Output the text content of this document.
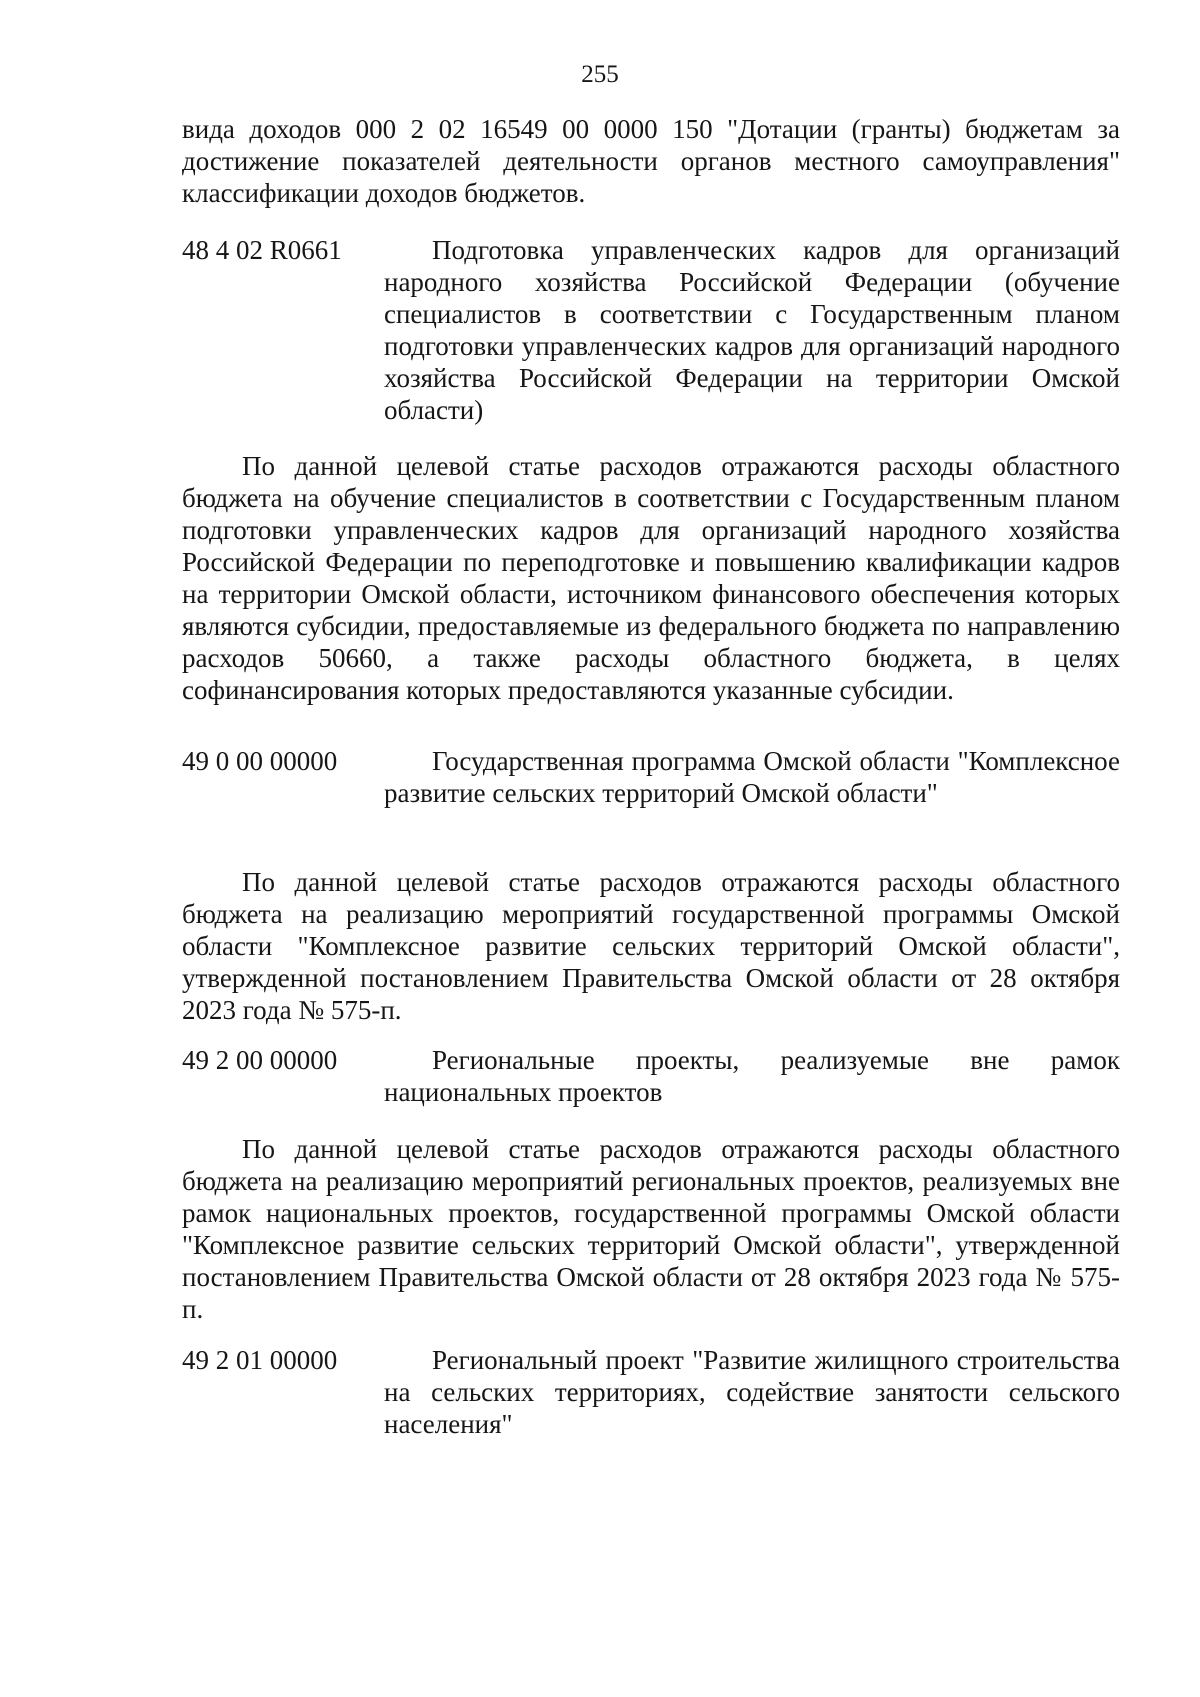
255

вида доходов 000 2 02 16549 00 0000 150 "Дотации (гранты) бюджетам за достижение показателей деятельности органов местного самоуправления" классификации доходов бюджетов.

48 4 02 R0661	Подготовка управленческих кадров для организаций народного хозяйства Российской Федерации (обучение специалистов в соответствии с Государственным планом подготовки управленческих кадров для организаций народного хозяйства Российской Федерации на территории Омской области)

По данной целевой статье расходов отражаются расходы областного бюджета на обучение специалистов в соответствии с Государственным планом подготовки управленческих кадров для организаций народного хозяйства Российской Федерации по переподготовке и повышению квалификации кадров на территории Омской области, источником финансового обеспечения которых являются субсидии, предоставляемые из федерального бюджета по направлению расходов 50660, а также расходы областного бюджета, в целях софинансирования которых предоставляются указанные субсидии.

49 0 00 00000	Государственная программа Омской области "Комплексное развитие сельских территорий Омской области"

По данной целевой статье расходов отражаются расходы областного бюджета на реализацию мероприятий государственной программы Омской области "Комплексное развитие сельских территорий Омской области", утвержденной постановлением Правительства Омской области от 28 октября 2023 года № 575-п.

49 2 00 00000	Региональные проекты, реализуемые вне рамок национальных проектов

По данной целевой статье расходов отражаются расходы областного бюджета на реализацию мероприятий региональных проектов, реализуемых вне рамок национальных проектов, государственной программы Омской области "Комплексное развитие сельских территорий Омской области", утвержденной постановлением Правительства Омской области от 28 октября 2023 года № 575-п.

49 2 01 00000	Региональный проект "Развитие жилищного строительства на сельских территориях, содействие занятости сельского населения"
